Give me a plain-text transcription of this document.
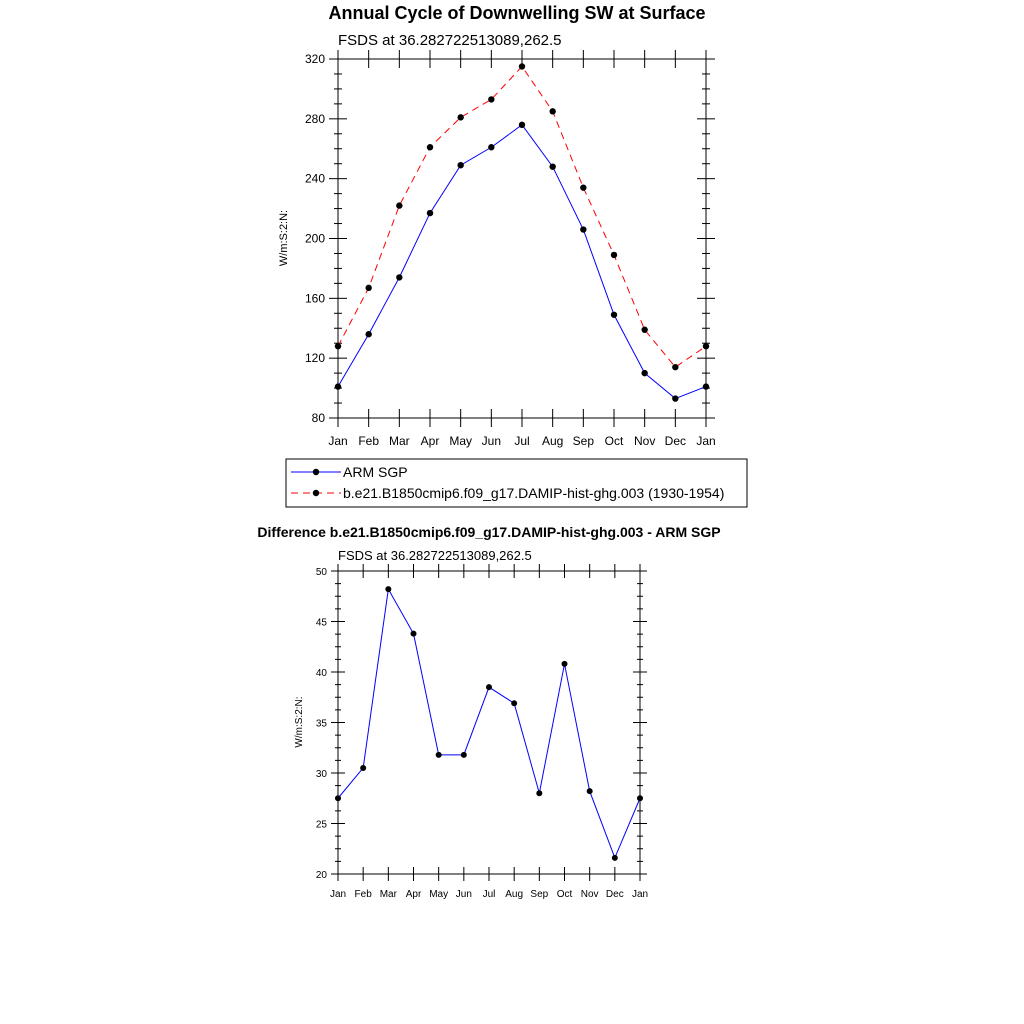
Annual Cycle of Downwelling SW at Surface
FSDS at 36.282722513089,262.5
80
120
160
200
240
280
320
Jan Feb Mar Apr May Jun Jul Aug Sep Oct Nov Dec Jan
W/m:S:2:N:
ARM SGP
b.e21.B1850cmip6.f09_g17.DAMIP-hist-ghg.003 (1930-1954)
Difference b.e21.B1850cmip6.f09_g17.DAMIP-hist-ghg.003 - ARM SGP
FSDS at 36.282722513089,262.5
20
25
30
35
40
45
50
Jan Feb Mar Apr May Jun Jul Aug Sep Oct Nov Dec Jan
W/m:S:2:N:
